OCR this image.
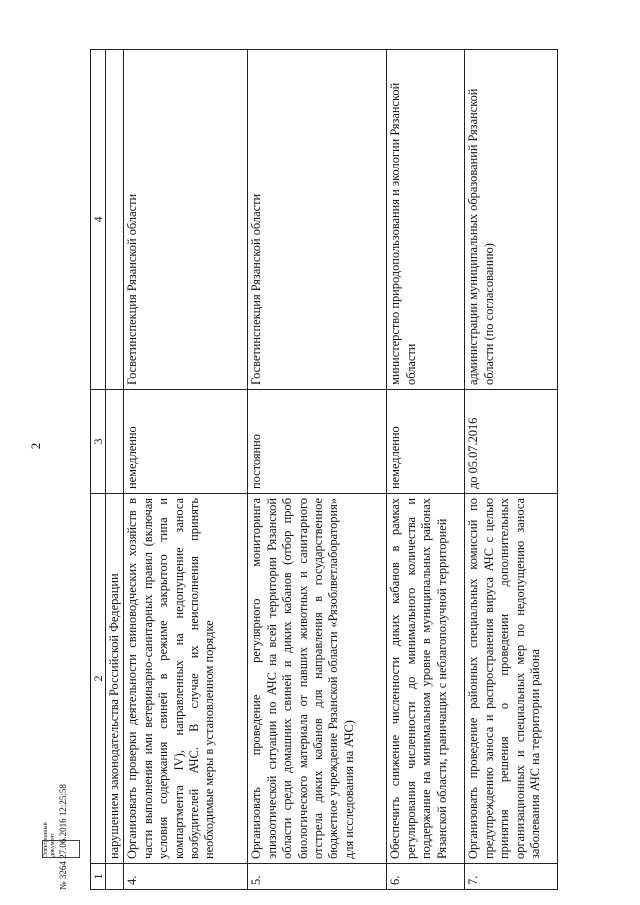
2
1	2	3	4
	нарушением законодательства Российской Федерации		
4.	Организовать проверки деятельности свиноводческих хозяйств в части выполнения ими ветеринарно-санитарных правил (включая условия содержания свиней в режиме закрытого типа и компартмента IV), направленных на недопущение заноса возбудителей АЧС. В случае их неисполнения принять необходимые меры в установленном порядке	немедленно	Госветинспекция Рязанской области
5.	Организовать проведение регулярного мониторинга эпизоотической ситуации по АЧС на всей территории Рязанской области среди домашних свиней и диких кабанов (отбор проб биологического материала от павших животных и санитарного отстрела диких кабанов для направления в государственное бюджетное учреждение Рязанской области «Рязоблветлаборатория» для исследования на АЧС)	постоянно	Госветинспекция Рязанской области
6.	Обеспечить снижение численности диких кабанов в рамках регулирования численности до минимального количества и поддержание на минимальном уровне в муниципальных районах Рязанской области, граничащих с неблагополучной территорией	немедленно	министерство природопользования и экологии Рязанской области
7.	Организовать проведение районных специальных комиссий по предупреждению заноса и распространения вируса АЧС с целью принятия решения о проведении дополнительных организационных и специальных мер по недопущению заноса заболевания АЧС на территории района	до 05.07.2016	администрации муниципальных образований Рязанской области (по согласованию)
Электронный документ № 3264 27.06.2016 12:25:58
